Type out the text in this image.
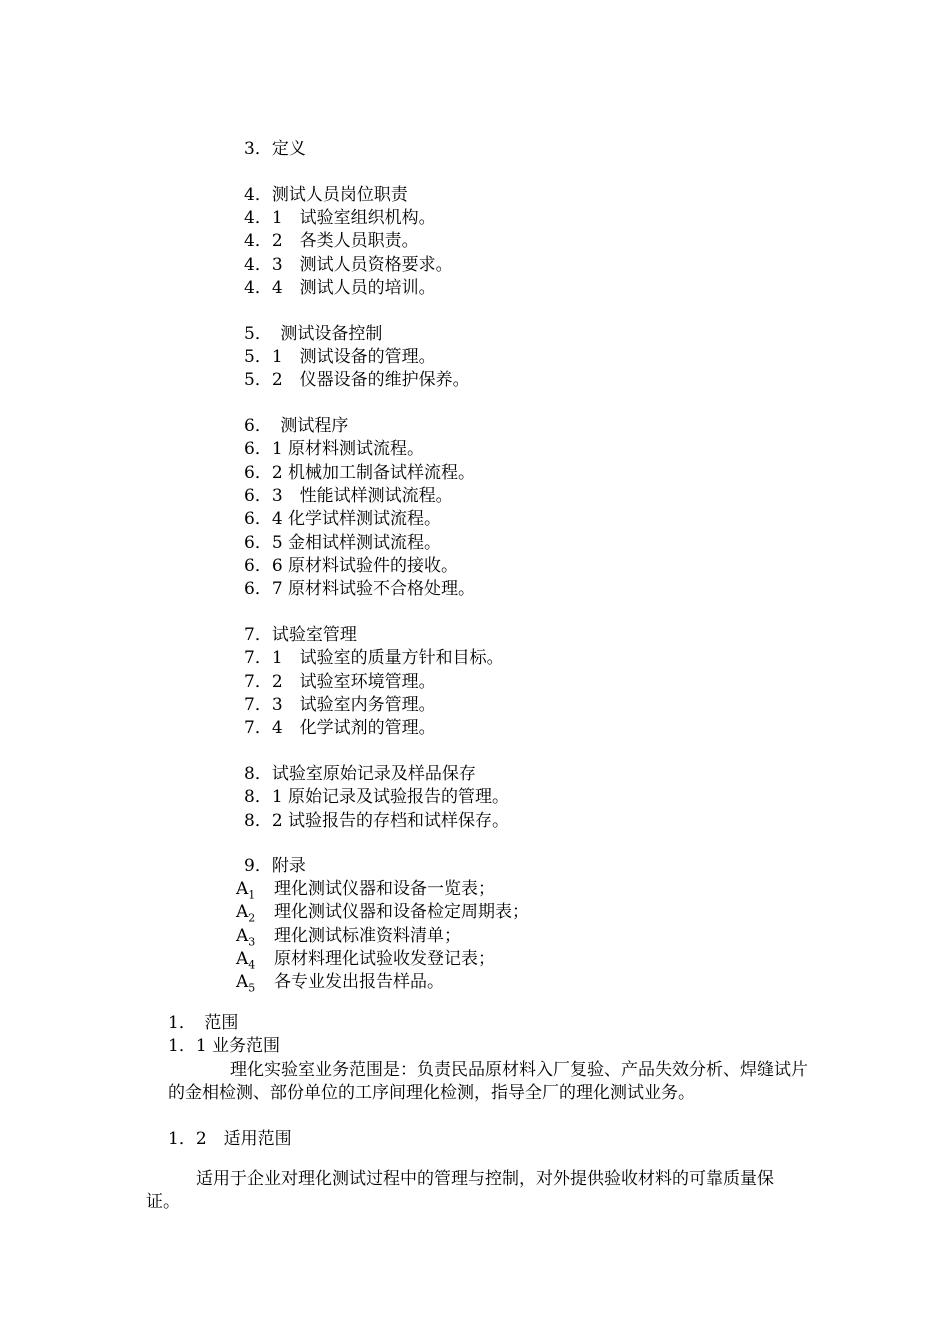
3．定义
4．测试人员岗位职责
4．1　试验室组织机构。
4．2　各类人员职责。
4．3　测试人员资格要求。
4．4　测试人员的培训。
5．　测试设备控制
5．1　测试设备的管理。
5．2　仪器设备的维护保养。
6．　测试程序
6．1 原材料测试流程。
6．2 机械加工制备试样流程。
6．3　性能试样测试流程。
6．4 化学试样测试流程。
6．5 金相试样测试流程。
6．6 原材料试验件的接收。
6．7 原材料试验不合格处理。
7．试验室管理
7．1　试验室的质量方针和目标。
7．2　试验室环境管理。
7．3　试验室内务管理。
7．4　化学试剂的管理。
8．试验室原始记录及样品保存
8．1 原始记录及试验报告的管理。
8．2 试验报告的存档和试样保存。
9．附录
$A_1$	理化测试仪器和设备一览表；
$A_2$	理化测试仪器和设备检定周期表；
$A_3$	理化测试标准资料清单；
$A_4$	原材料理化试验收发登记表；
$A_5$	各专业发出报告样品。
1．　范围
1．1 业务范围

理化实验室业务范围是：负责民品原材料入厂复验、产品失效分析、焊缝试片的金相检测、部份单位的工序间理化检测，指导全厂的理化测试业务。

1．2　适用范围

适用于企业对理化测试过程中的管理与控制，对外提供验收材料的可靠质量保证。
